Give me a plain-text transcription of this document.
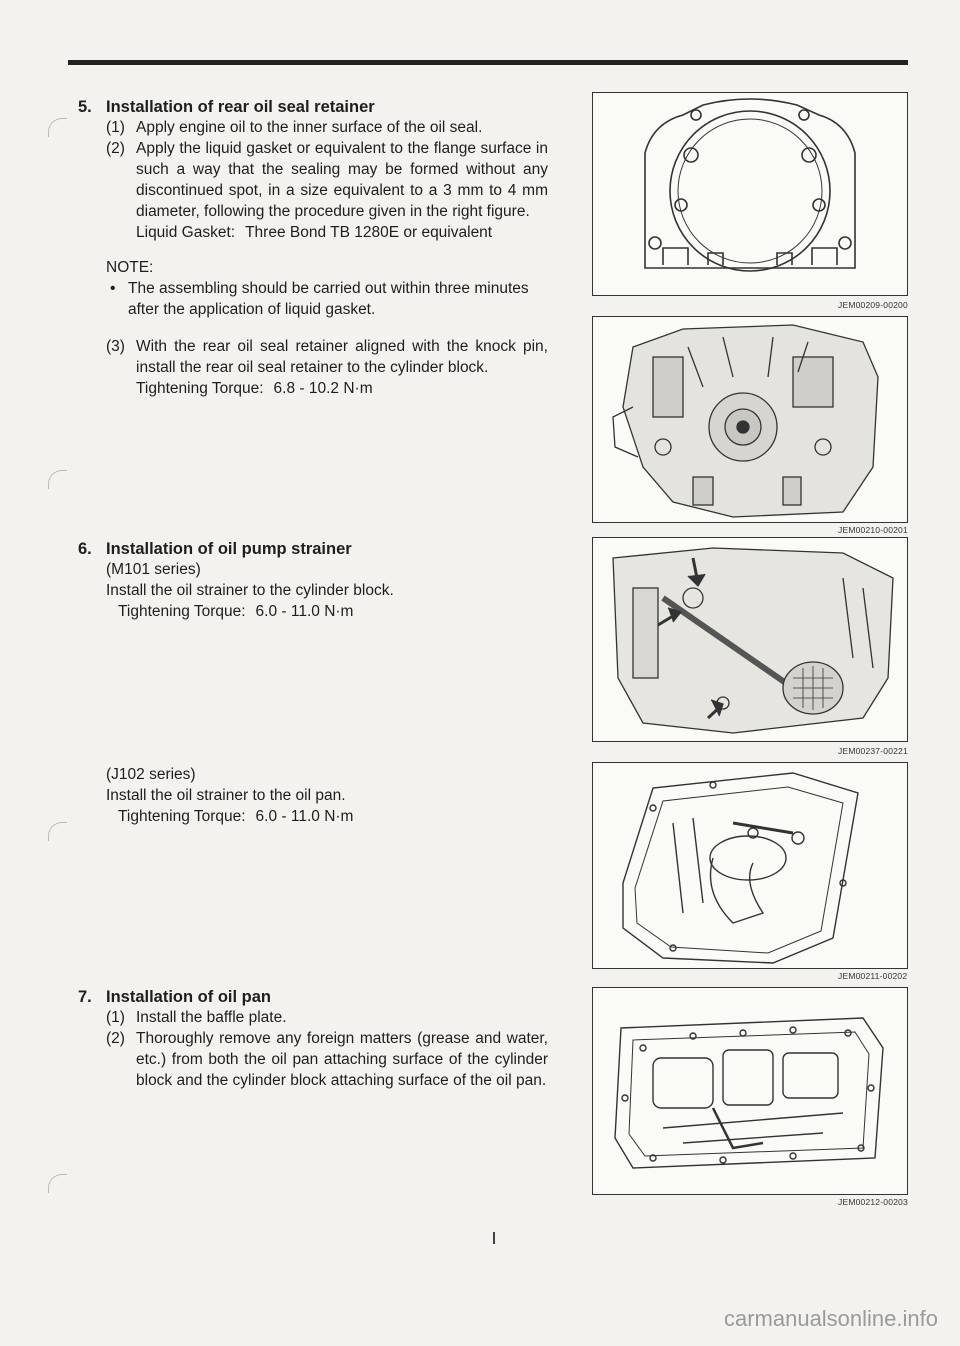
5. Installation of rear oil seal retainer
(1) Apply engine oil to the inner surface of the oil seal.
(2) Apply the liquid gasket or equivalent to the flange surface in such a way that the sealing may be formed without any discontinued spot, in a size equivalent to a 3 mm to 4 mm diameter, following the procedure given in the right figure.
Liquid Gasket: Three Bond TB 1280E or equivalent
NOTE:
• The assembling should be carried out within three minutes after the application of liquid gasket.
(3) With the rear oil seal retainer aligned with the knock pin, install the rear oil seal retainer to the cylinder block.
Tightening Torque: 6.8 - 10.2 N·m
6. Installation of oil pump strainer
(M101 series)
Install the oil strainer to the cylinder block.
Tightening Torque: 6.0 - 11.0 N·m
(J102 series)
Install the oil strainer to the oil pan.
Tightening Torque: 6.0 - 11.0 N·m
7. Installation of oil pan
(1) Install the baffle plate.
(2) Thoroughly remove any foreign matters (grease and water, etc.) from both the oil pan attaching surface of the cylinder block and the cylinder block attaching surface of the oil pan.
JEM00209-00200
JEM00210-00201
JEM00237-00221
JEM00211-00202
JEM00212-00203
carmanualsonline.info
